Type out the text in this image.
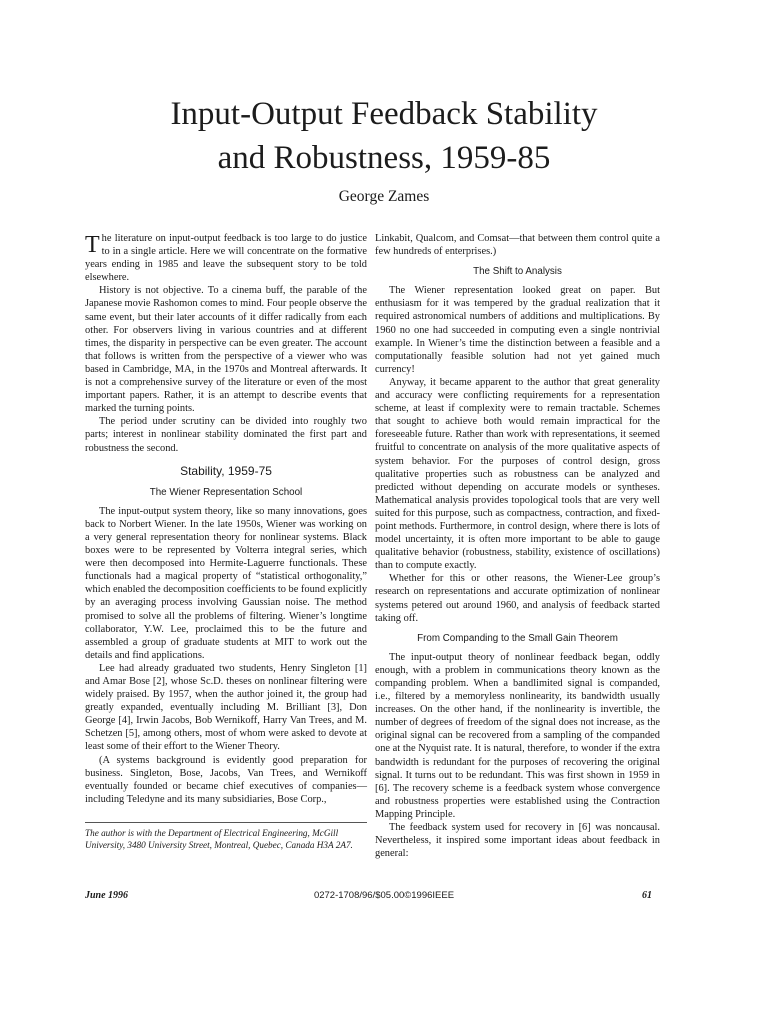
Input-Output Feedback Stability
and Robustness, 1959-85
George Zames

The literature on input-output feedback is too large to do justice to in a single article. Here we will concentrate on the formative years ending in 1985 and leave the subsequent story to be told elsewhere.

History is not objective. To a cinema buff, the parable of the Japanese movie Rashomon comes to mind. Four people observe the same event, but their later accounts of it differ radically from each other. For observers living in various countries and at different times, the disparity in perspective can be even greater. The account that follows is written from the perspective of a viewer who was based in Cambridge, MA, in the 1970s and Montreal afterwards. It is not a comprehensive survey of the literature or even of the most important papers. Rather, it is an attempt to describe events that marked the turning points.

The period under scrutiny can be divided into roughly two parts; interest in nonlinear stability dominated the first part and robustness the second.

Stability, 1959-75
The Wiener Representation School

The input-output system theory, like so many innovations, goes back to Norbert Wiener. In the late 1950s, Wiener was working on a very general representation theory for nonlinear systems. Black boxes were to be represented by Volterra integral series, which were then decomposed into Hermite-Laguerre functionals. These functionals had a magical property of “statistical orthogonality,” which enabled the decomposition coefficients to be found explicitly by an averaging process involving Gaussian noise. The method promised to solve all the problems of filtering. Wiener’s longtime collaborator, Y.W. Lee, proclaimed this to be the future and assembled a group of graduate students at MIT to work out the details and find applications.

Lee had already graduated two students, Henry Singleton [1] and Amar Bose [2], whose Sc.D. theses on nonlinear filtering were widely praised. By 1957, when the author joined it, the group had greatly expanded, eventually including M. Brilliant [3], Don George [4], Irwin Jacobs, Bob Wernikoff, Harry Van Trees, and M. Schetzen [5], among others, most of whom were asked to devote at least some of their effort to the Wiener Theory.

(A systems background is evidently good preparation for business. Singleton, Bose, Jacobs, Van Trees, and Wernikoff eventually founded or became chief executives of companies—including Teledyne and its many subsidiaries, Bose Corp.,

Linkabit, Qualcom, and Comsat—that between them control quite a few hundreds of enterprises.)

The Shift to Analysis

The Wiener representation looked great on paper. But enthusiasm for it was tempered by the gradual realization that it required astronomical numbers of additions and multiplications. By 1960 no one had succeeded in computing even a single nontrivial example. In Wiener’s time the distinction between a feasible and a computationally feasible solution had not yet gained much currency!

Anyway, it became apparent to the author that great generality and accuracy were conflicting requirements for a representation scheme, at least if complexity were to remain tractable. Schemes that sought to achieve both would remain impractical for the foreseeable future. Rather than work with representations, it seemed fruitful to concentrate on analysis of the more qualitative aspects of system behavior. For the purposes of control design, gross qualitative properties such as robustness can be analyzed and predicted without depending on accurate models or syntheses. Mathematical analysis provides topological tools that are very well suited for this purpose, such as compactness, contraction, and fixed-point methods. Furthermore, in control design, where there is lots of model uncertainty, it is often more important to be able to gauge qualitative behavior (robustness, stability, existence of oscillations) than to compute exactly.

Whether for this or other reasons, the Wiener-Lee group’s research on representations and accurate optimization of nonlinear systems petered out around 1960, and analysis of feedback started taking off.

From Companding to the Small Gain Theorem

The input-output theory of nonlinear feedback began, oddly enough, with a problem in communications theory known as the companding problem. When a bandlimited signal is companded, i.e., filtered by a memoryless nonlinearity, its bandwidth usually increases. On the other hand, if the nonlinearity is invertible, the number of degrees of freedom of the signal does not increase, as the original signal can be recovered from a sampling of the companded one at the Nyquist rate. It is natural, therefore, to wonder if the extra bandwidth is redundant for the purposes of recovering the original signal. It turns out to be redundant. This was first shown in 1959 in [6]. The recovery scheme is a feedback system whose convergence and robustness properties were established using the Contraction Mapping Principle.

The feedback system used for recovery in [6] was noncausal. Nevertheless, it inspired some important ideas about feedback in general:

The author is with the Department of Electrical Engineering, McGill University, 3480 University Street, Montreal, Quebec, Canada H3A 2A7.
June 1996	0272-1708/96/$05.00©1996IEEE	61
